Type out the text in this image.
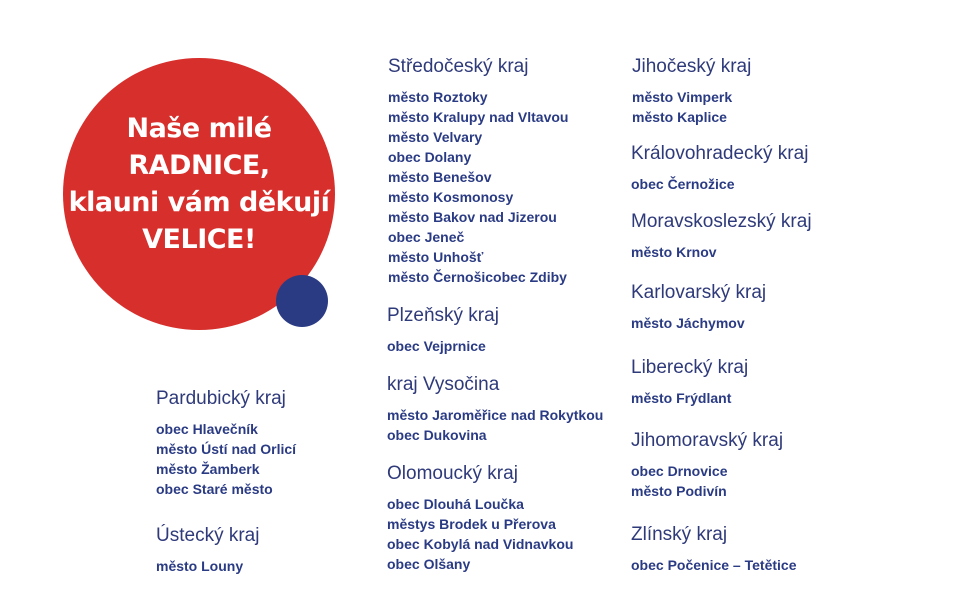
Naše milé RADNICE,
klauni vám děkují
VELICE!
Středočeský kraj
město Roztoky
město Kralupy nad Vltavou
město Velvary
obec Dolany
město Benešov
město Kosmonosy
město Bakov nad Jizerou
obec Jeneč
město Unhošť
město Černošicobec Zdiby
Plzeňský kraj
obec Vejprnice
kraj Vysočina
město Jaroměřice nad Rokytkou
obec Dukovina
Olomoucký kraj
obec Dlouhá Loučka
městys Brodek u Přerova
obec Kobylá nad Vidnavkou
obec Olšany
Pardubický kraj
obec Hlavečník
město Ústí nad Orlicí
město Žamberk
obec Staré město
Ústecký kraj
město Louny
Jihočeský kraj
město Vimperk
město Kaplice
Královohradecký kraj
obec Černožice
Moravskoslezský kraj
město Krnov
Karlovarský kraj
město Jáchymov
Liberecký kraj
město Frýdlant
Jihomoravský kraj
obec Drnovice
město Podivín
Zlínský kraj
obec Počenice – Tetětice
